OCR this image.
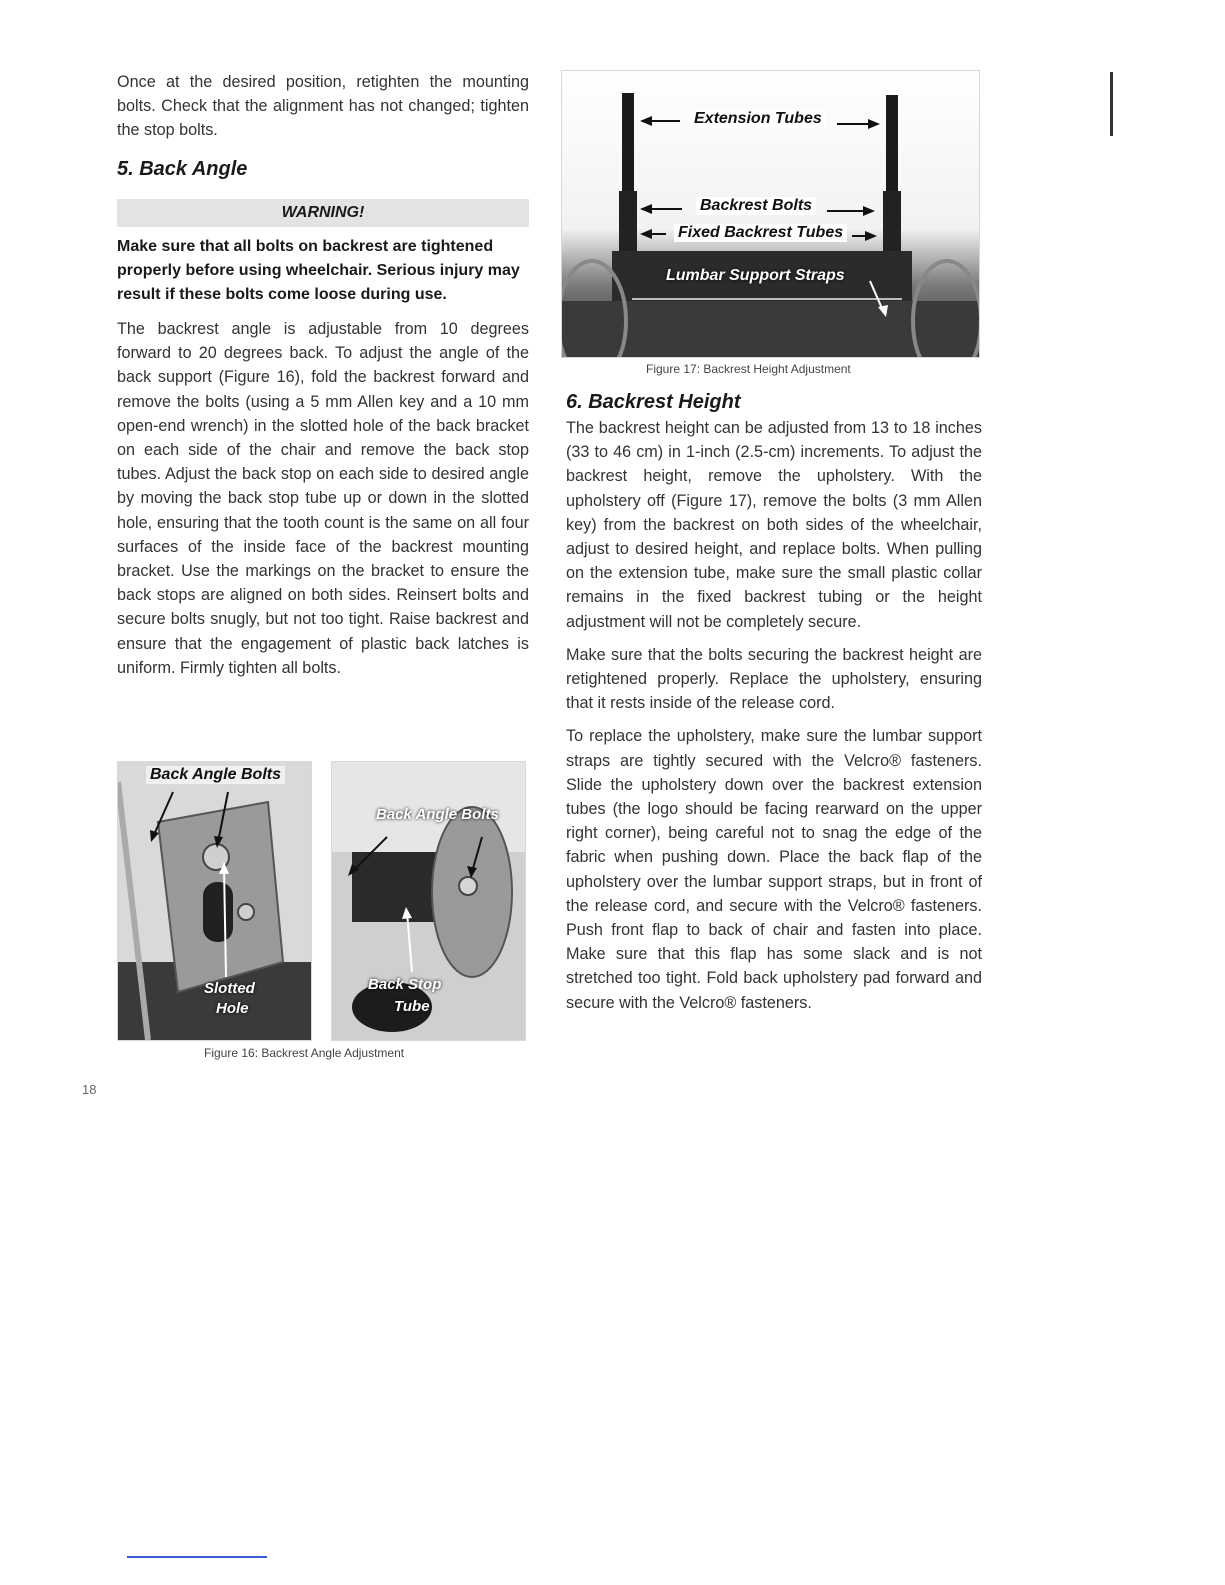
Once at the desired position, retighten the mounting bolts. Check that the alignment has not changed; tighten the stop bolts.

5. Back Angle
WARNING!

Make sure that all bolts on backrest are tightened properly before using wheelchair. Serious injury may result if these bolts come loose during use.

The backrest angle is adjustable from 10 degrees forward to 20 degrees back. To adjust the angle of the back support (Figure 16), fold the backrest forward and remove the bolts (using a 5 mm Allen key and a 10 mm open-end wrench) in the slotted hole of the back bracket on each side of the chair and remove the back stop tubes. Adjust the back stop on each side to desired angle by moving the back stop tube up or down in the slotted hole, ensuring that the tooth count is the same on all four surfaces of the inside face of the backrest mounting bracket. Use the markings on the bracket to ensure the back stops are aligned on both sides. Reinsert bolts and secure bolts snugly, but not too tight. Raise backrest and ensure that the engagement of plastic back latches is uniform. Firmly tighten all bolts.

Extension Tubes
Backrest Bolts
Fixed Backrest Tubes
Lumbar Support Straps
Figure 17: Backrest Height Adjustment
6. Backrest Height

The backrest height can be adjusted from 13 to 18 inches (33 to 46 cm) in 1-inch (2.5-cm) increments. To adjust the backrest height, remove the upholstery. With the upholstery off (Figure 17), remove the bolts (3 mm Allen key) from the backrest on both sides of the wheelchair, adjust to desired height, and replace bolts. When pulling on the extension tube, make sure the small plastic collar remains in the fixed backrest tubing or the height adjustment will not be completely secure.

Make sure that the bolts securing the backrest height are retightened properly. Replace the upholstery, ensuring that it rests inside of the release cord.

To replace the upholstery, make sure the lumbar support straps are tightly secured with the Velcro® fasteners. Slide the upholstery down over the backrest extension tubes (the logo should be facing rearward on the upper right corner), being careful not to snag the edge of the fabric when pushing down. Place the back flap of the upholstery over the lumbar support straps, but in front of the release cord, and secure with the Velcro® fasteners. Push front flap to back of chair and fasten into place. Make sure that this flap has some slack and is not stretched too tight. Fold back upholstery pad forward and secure with the Velcro® fasteners.

Back Angle Bolts
Slotted
Hole
Back Angle Bolts
Back Stop
Tube
Figure 16: Backrest Angle Adjustment
18
